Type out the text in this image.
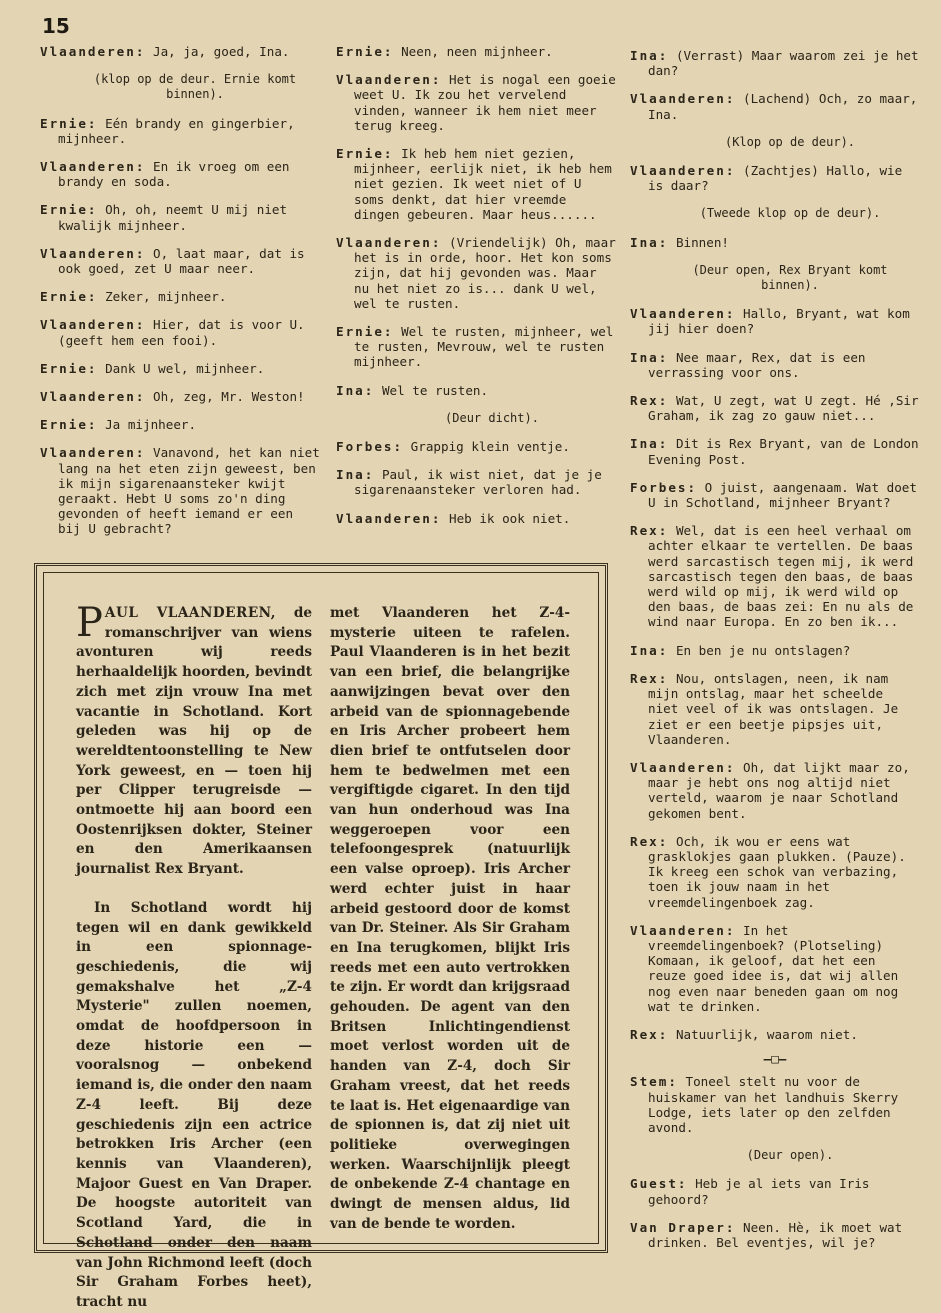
15
Vlaanderen: Ja, ja, goed, Ina.
(klop op de deur. Ernie komt binnen).
Ernie: Eén brandy en gingerbier, mijnheer.
Vlaanderen: En ik vroeg om een brandy en soda.
Ernie: Oh, oh, neemt U mij niet kwalijk mijnheer.
Vlaanderen: O, laat maar, dat is ook goed, zet U maar neer.
Ernie: Zeker, mijnheer.
Vlaanderen: Hier, dat is voor U. (geeft hem een fooi).
Ernie: Dank U wel, mijnheer.
Vlaanderen: Oh, zeg, Mr. Weston!
Ernie: Ja mijnheer.
Vlaanderen: Vanavond, het kan niet lang na het eten zijn geweest, ben ik mijn sigarenaansteker kwijt geraakt. Hebt U soms zo'n ding gevonden of heeft iemand er een bij U gebracht?
Ernie: Neen, neen mijnheer.
Vlaanderen: Het is nogal een goeie weet U. Ik zou het vervelend vinden, wanneer ik hem niet meer terug kreeg.
Ernie: Ik heb hem niet gezien, mijnheer, eerlijk niet, ik heb hem niet gezien. Ik weet niet of U soms denkt, dat hier vreemde dingen gebeuren. Maar heus......
Vlaanderen: (Vriendelijk) Oh, maar het is in orde, hoor. Het kon soms zijn, dat hij gevonden was. Maar nu het niet zo is... dank U wel, wel te rusten.
Ernie: Wel te rusten, mijnheer, wel te rusten, Mevrouw, wel te rusten mijnheer.
Ina: Wel te rusten.
(Deur dicht).
Forbes: Grappig klein ventje.
Ina: Paul, ik wist niet, dat je je sigarenaansteker verloren had.
Vlaanderen: Heb ik ook niet.
Ina: (Verrast) Maar waarom zei je het dan?
Vlaanderen: (Lachend) Och, zo maar, Ina.
(Klop op de deur).
Vlaanderen: (Zachtjes) Hallo, wie is daar?
(Tweede klop op de deur).
Ina: Binnen!
(Deur open, Rex Bryant komt binnen).
Vlaanderen: Hallo, Bryant, wat kom jij hier doen?
Ina: Nee maar, Rex, dat is een verrassing voor ons.
Rex: Wat, U zegt, wat U zegt. Hé ,Sir Graham, ik zag zo gauw niet...
Ina: Dit is Rex Bryant, van de London Evening Post.
Forbes: O juist, aangenaam. Wat doet U in Schotland, mijnheer Bryant?
Rex: Wel, dat is een heel verhaal om achter elkaar te vertellen. De baas werd sarcastisch tegen mij, ik werd sarcastisch tegen den baas, de baas werd wild op mij, ik werd wild op den baas, de baas zei: En nu als de wind naar Europa. En zo ben ik...
Ina: En ben je nu ontslagen?
Rex: Nou, ontslagen, neen, ik nam mijn ontslag, maar het scheelde niet veel of ik was ontslagen. Je ziet er een beetje pipsjes uit, Vlaanderen.
Vlaanderen: Oh, dat lijkt maar zo, maar je hebt ons nog altijd niet verteld, waarom je naar Schotland gekomen bent.
Rex: Och, ik wou er eens wat grasklokjes gaan plukken. (Pauze). Ik kreeg een schok van verbazing, toen ik jouw naam in het vreemdelingenboek zag.
Vlaanderen: In het vreemdelingenboek? (Plotseling) Komaan, ik geloof, dat het een reuze goed idee is, dat wij allen nog even naar beneden gaan om nog wat te drinken.
Rex: Natuurlijk, waarom niet.
—□—
Stem: Toneel stelt nu voor de huiskamer van het landhuis Skerry Lodge, iets later op den zelfden avond.
(Deur open).
Guest: Heb je al iets van Iris gehoord?
Van Draper: Neen. Hè, ik moet wat drinken. Bel eventjes, wil je?

PAUL VLAANDEREN, de romanschrijver van wiens avonturen wij reeds herhaaldelijk hoorden, bevindt zich met zijn vrouw Ina met vacantie in Schotland. Kort geleden was hij op de wereldtentoonstelling te New York geweest, en — toen hij per Clipper terugreisde — ontmoette hij aan boord een Oostenrijksen dokter, Steiner en den Amerikaansen journalist Rex Bryant.

In Schotland wordt hij tegen wil en dank gewikkeld in een spionnage-geschiedenis, die wij gemakshalve het „Z-4 Mysterie" zullen noemen, omdat de hoofdpersoon in deze historie een — vooralsnog — onbekend iemand is, die onder den naam Z-4 leeft. Bij deze geschiedenis zijn een actrice betrokken Iris Archer (een kennis van Vlaanderen), Majoor Guest en Van Draper. De hoogste autoriteit van Scotland Yard, die in Schotland onder den naam van John Richmond leeft (doch Sir Graham Forbes heet), tracht nu

met Vlaanderen het Z-4-mysterie uiteen te rafelen. Paul Vlaanderen is in het bezit van een brief, die belangrijke aanwijzingen bevat over den arbeid van de spionnagebende en Iris Archer probeert hem dien brief te ontfutselen door hem te bedwelmen met een vergiftigde cigaret. In den tijd van hun onderhoud was Ina weggeroepen voor een telefoongesprek (natuurlijk een valse oproep). Iris Archer werd echter juist in haar arbeid gestoord door de komst van Dr. Steiner. Als Sir Graham en Ina terugkomen, blijkt Iris reeds met een auto vertrokken te zijn. Er wordt dan krijgsraad gehouden. De agent van den Britsen Inlichtingendienst moet verlost worden uit de handen van Z-4, doch Sir Graham vreest, dat het reeds te laat is. Het eigenaardige van de spionnen is, dat zij niet uit politieke overwegingen werken. Waarschijnlijk pleegt de onbekende Z-4 chantage en dwingt de mensen aldus, lid van de bende te worden.
